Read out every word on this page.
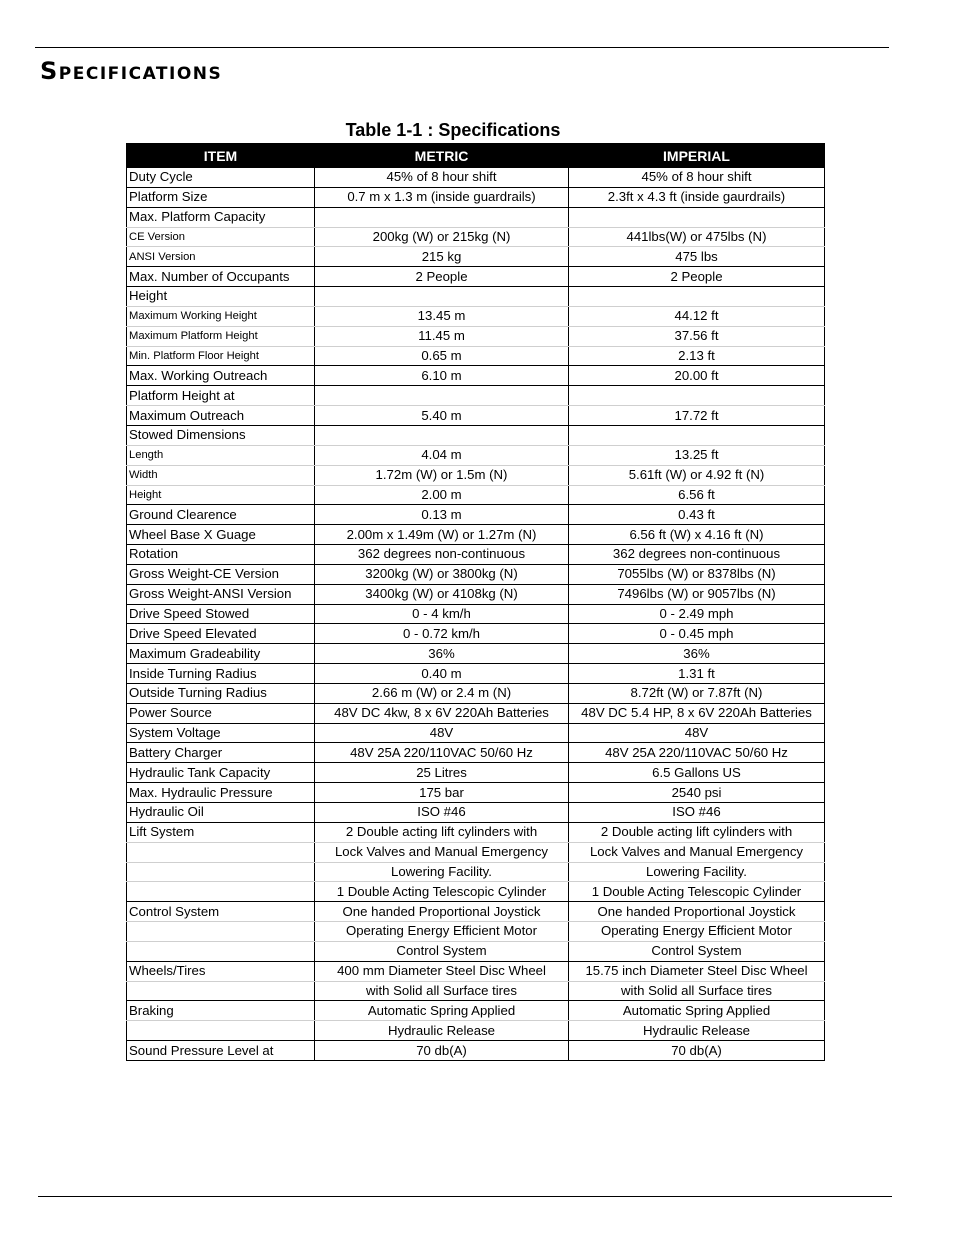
Specifications
Table 1-1 : Specifications
ITEM	METRIC	IMPERIAL
Duty Cycle	45% of 8 hour shift	45% of 8 hour shift
Platform Size	0.7 m x 1.3 m (inside guardrails)	2.3ft x 4.3 ft (inside gaurdrails)
Max. Platform Capacity		
CE Version	200kg (W) or 215kg (N)	441lbs(W) or 475lbs (N)
ANSI Version	215 kg	475 lbs
Max. Number of Occupants	2 People	2 People
Height		
Maximum Working Height	13.45 m	44.12 ft
Maximum Platform Height	11.45 m	37.56 ft
Min. Platform Floor Height	0.65 m	2.13 ft
Max. Working Outreach	6.10 m	20.00 ft
Platform Height at		
Maximum Outreach	5.40 m	17.72 ft
Stowed Dimensions		
Length	4.04 m	13.25 ft
Width	1.72m (W) or 1.5m (N)	5.61ft (W) or 4.92 ft (N)
Height	2.00 m	6.56 ft
Ground Clearence	0.13 m	0.43 ft
Wheel Base X Guage	2.00m x 1.49m (W) or 1.27m (N)	6.56 ft (W) x 4.16 ft (N)
Rotation	362 degrees non-continuous	362 degrees non-continuous
Gross Weight-CE Version	3200kg (W) or 3800kg (N)	7055lbs (W) or 8378lbs (N)
Gross Weight-ANSI Version	3400kg (W) or 4108kg (N)	7496lbs (W) or 9057lbs (N)
Drive Speed Stowed	0 - 4 km/h	0 - 2.49 mph
Drive Speed Elevated	0 - 0.72 km/h	0 - 0.45 mph
Maximum Gradeability	36%	36%
Inside Turning Radius	0.40 m	1.31 ft
Outside Turning Radius	2.66 m (W) or 2.4 m (N)	8.72ft (W) or 7.87ft (N)
Power Source	48V DC 4kw, 8 x 6V 220Ah Batteries	48V DC 5.4 HP, 8 x 6V 220Ah Batteries
System Voltage	48V	48V
Battery Charger	48V 25A 220/110VAC 50/60 Hz	48V 25A 220/110VAC 50/60 Hz
Hydraulic Tank Capacity	25 Litres	6.5 Gallons US
Max. Hydraulic Pressure	175 bar	2540 psi
Hydraulic Oil	ISO #46	ISO #46
Lift System	2 Double acting lift cylinders with	2 Double acting lift cylinders with
	Lock Valves and Manual Emergency	Lock Valves and Manual Emergency
	Lowering Facility.	Lowering Facility.
	1 Double Acting Telescopic Cylinder	1 Double Acting Telescopic Cylinder
Control System	One handed Proportional Joystick	One handed Proportional Joystick
	Operating Energy Efficient Motor	Operating Energy Efficient Motor
	Control System	Control System
Wheels/Tires	400 mm Diameter Steel Disc Wheel	15.75 inch Diameter Steel Disc Wheel
	with Solid all Surface tires	with Solid all Surface tires
Braking	Automatic Spring Applied	Automatic Spring Applied
	Hydraulic Release	Hydraulic Release
Sound Pressure Level at	70 db(A)	70 db(A)
